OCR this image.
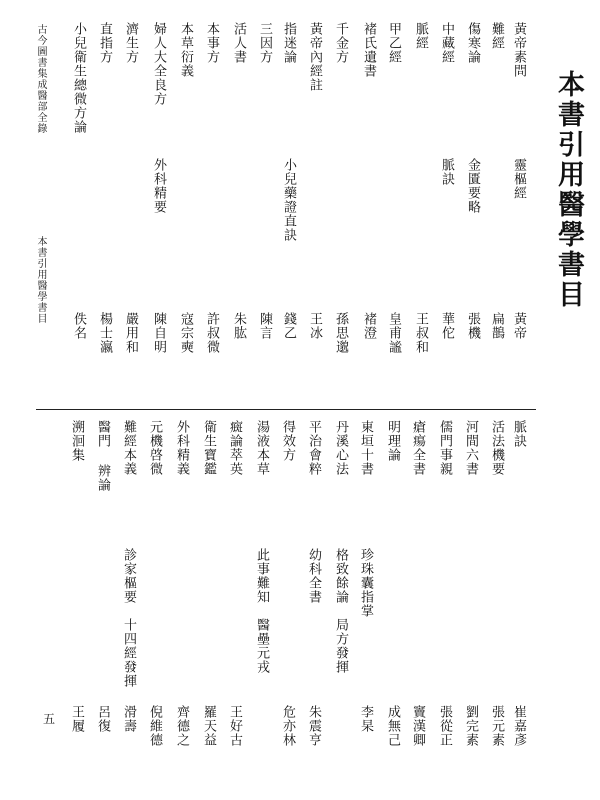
本書引用醫學書目
黃帝素問
靈樞經
難經
傷寒論
金匱要略
中藏經
脈訣
脈經
甲乙經
褚氏遺書
千金方
黃帝內經註
指迷論
小兒藥證直訣
三因方
活人書
本事方
本草衍義
婦人大全良方
外科精要
濟生方
直指方
小兒衛生總微方論
黃帝
扁鵲
張機
華佗
王叔和
皇甫謐
褚澄
孫思邈
王冰
錢乙
陳言
朱肱
許叔微
寇宗奭
陳自明
嚴用和
楊士瀛
佚名
脈訣
活法機要
河間六書
儒門事親
瘡瘍全書
明理論
東垣十書
珍珠囊指掌
丹溪心法
格致餘論　局方發揮
平治會粹
幼科全書
得效方
湯液本草
此事難知　醫壘元戎
癍論萃英
衛生寶鑑
外科精義
元機啓微
難經本義
診家樞要　十四經發揮
醫門 辨論
溯洄集
崔嘉彥
張元素
劉完素
張從正
竇漢卿
成無己
李杲
朱震亨
危亦林
王好古
羅天益
齊德之
倪維德
滑壽
呂復
王履
古今圖書集成醫部全錄
本書引用醫學書目
五
